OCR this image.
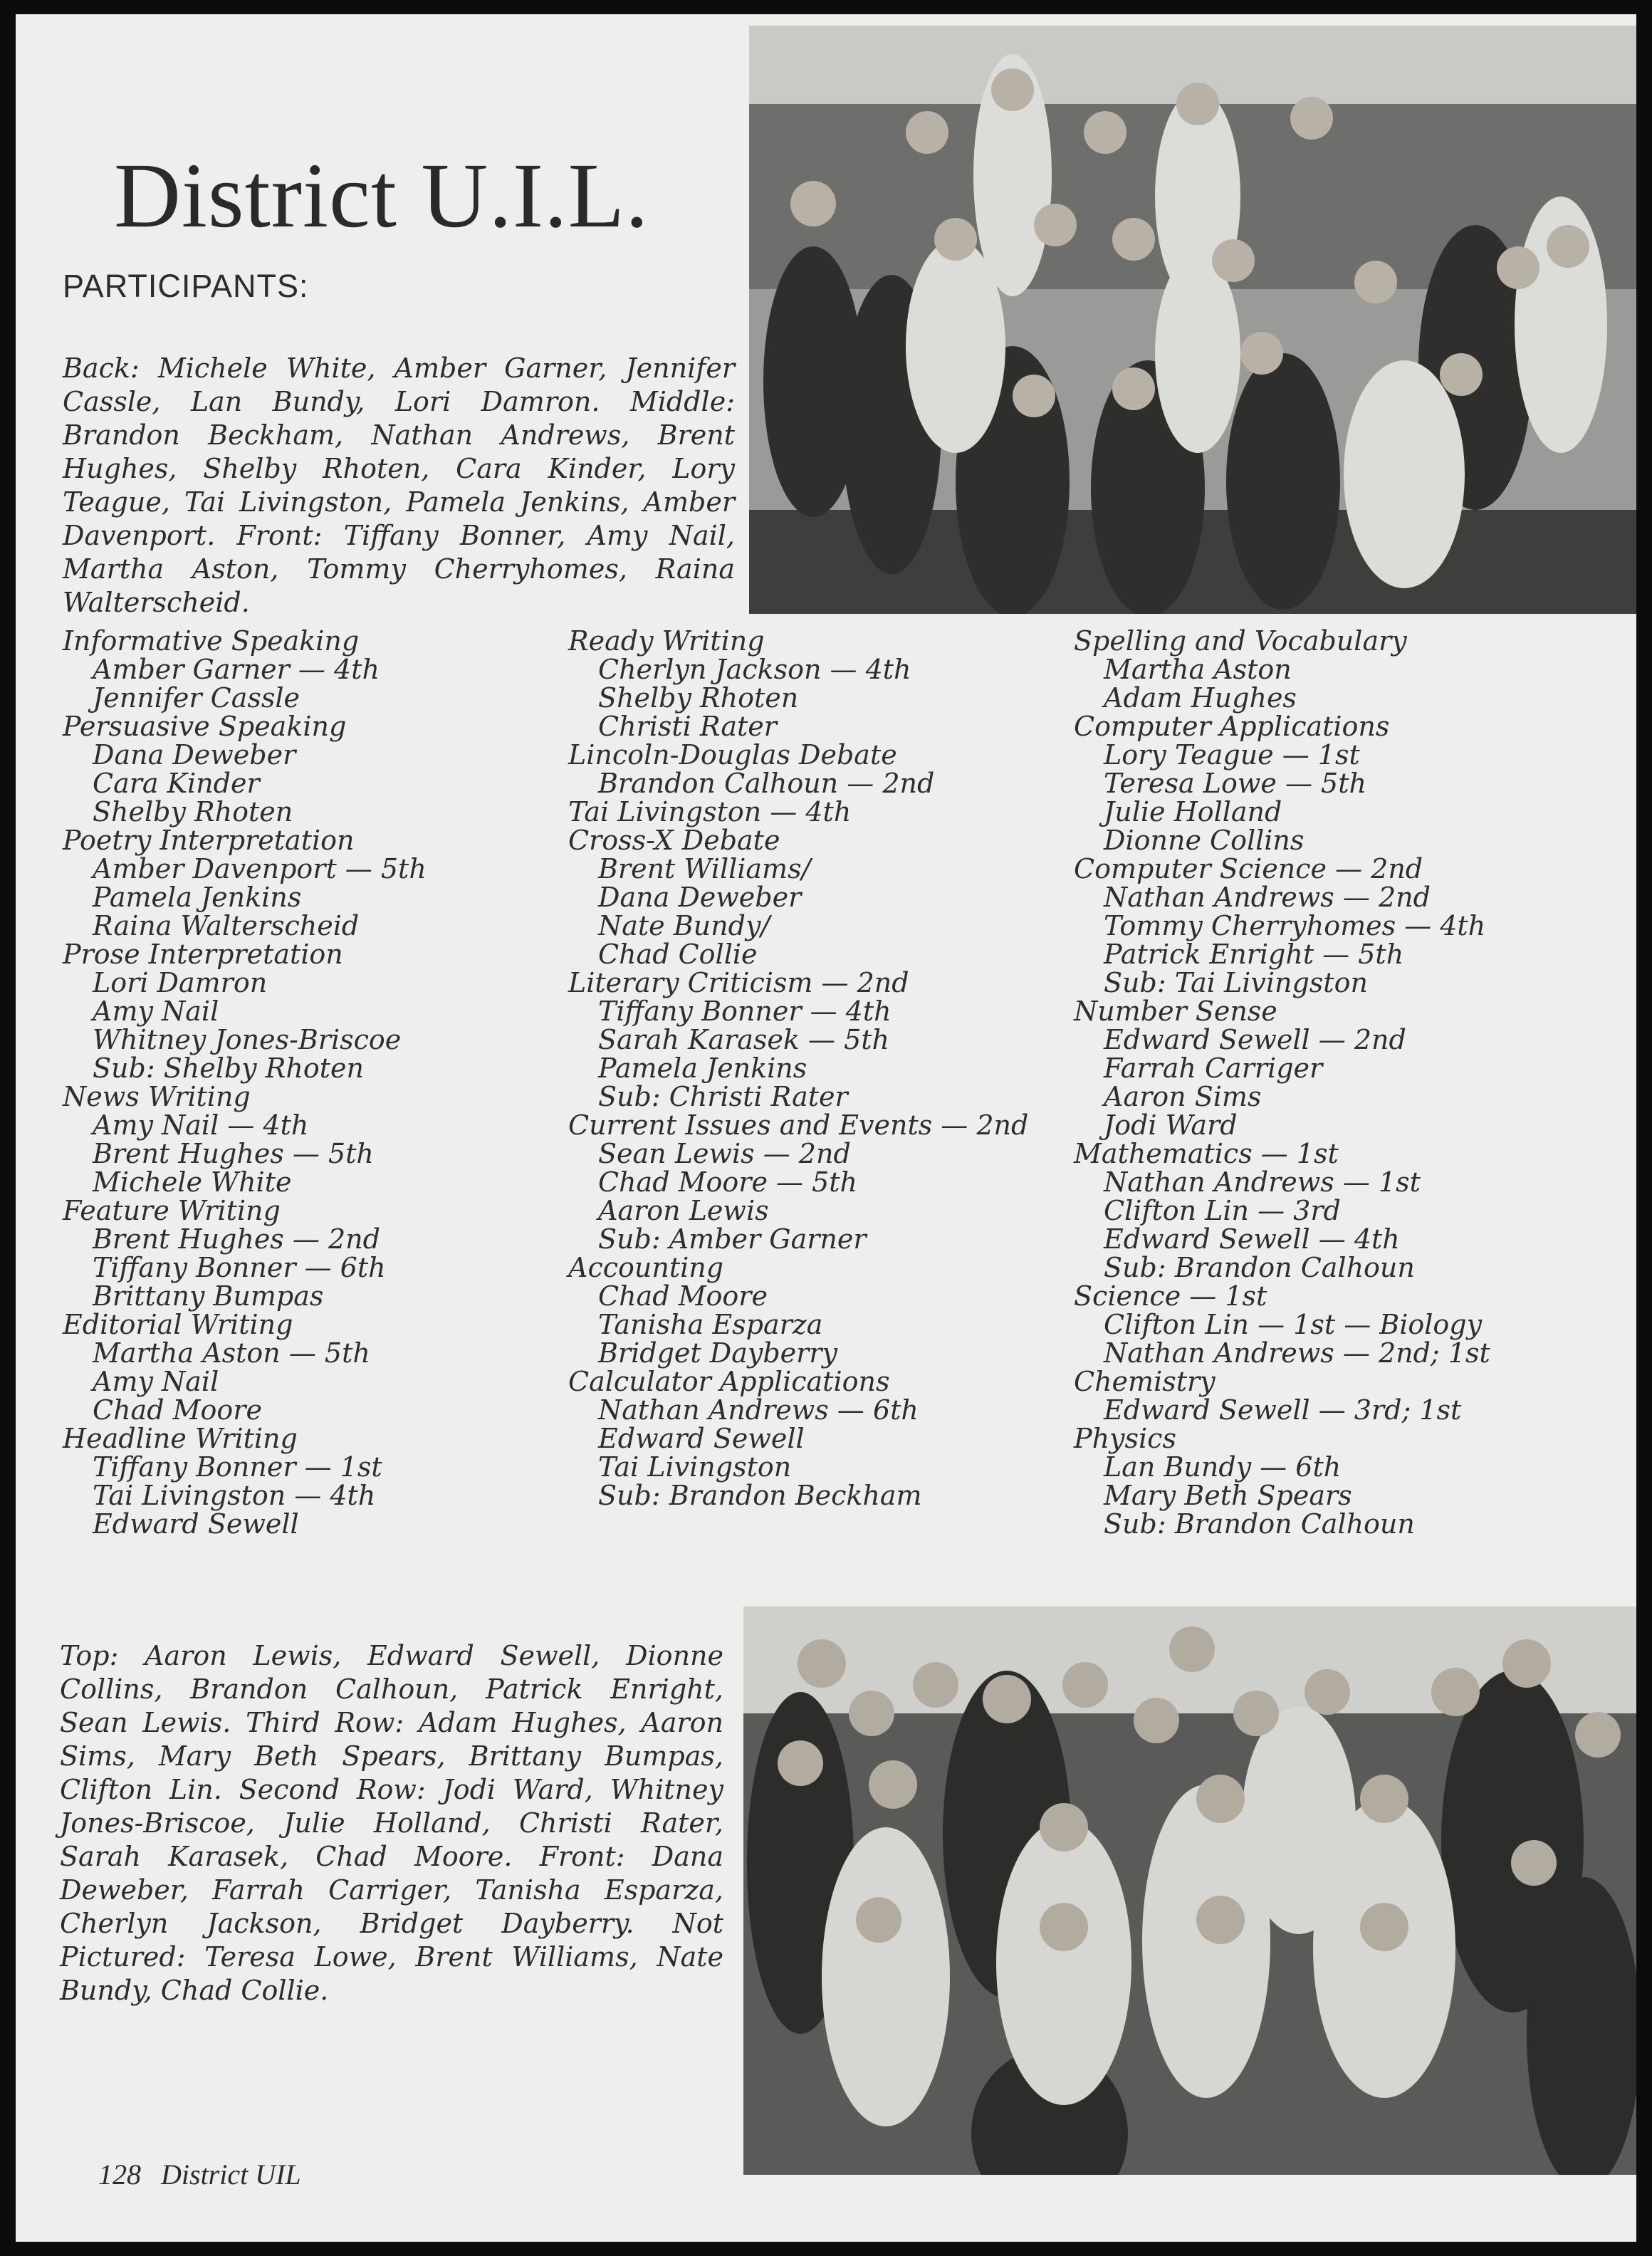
District U.I.L.
PARTICIPANTS:
Back: Michele White, Amber Garner, Jennifer Cassle, Lan Bundy, Lori Damron. Middle: Brandon Beckham, Nathan Andrews, Brent Hughes, Shelby Rhoten, Cara Kinder, Lory Teague, Tai Livingston, Pamela Jenkins, Amber Davenport. Front: Tiffany Bonner, Amy Nail, Martha Aston, Tommy Cherryhomes, Raina Walterscheid.
Informative Speaking
Amber Garner — 4th
Jennifer Cassle
Persuasive Speaking
Dana Deweber
Cara Kinder
Shelby Rhoten
Poetry Interpretation
Amber Davenport — 5th
Pamela Jenkins
Raina Walterscheid
Prose Interpretation
Lori Damron
Amy Nail
Whitney Jones-Briscoe
Sub: Shelby Rhoten
News Writing
Amy Nail — 4th
Brent Hughes — 5th
Michele White
Feature Writing
Brent Hughes — 2nd
Tiffany Bonner — 6th
Brittany Bumpas
Editorial Writing
Martha Aston — 5th
Amy Nail
Chad Moore
Headline Writing
Tiffany Bonner — 1st
Tai Livingston — 4th
Edward Sewell
Ready Writing
Cherlyn Jackson — 4th
Shelby Rhoten
Christi Rater
Lincoln-Douglas Debate
Brandon Calhoun — 2nd
Tai Livingston — 4th
Cross-X Debate
Brent Williams/
Dana Deweber
Nate Bundy/
Chad Collie
Literary Criticism — 2nd
Tiffany Bonner — 4th
Sarah Karasek — 5th
Pamela Jenkins
Sub: Christi Rater
Current Issues and Events — 2nd
Sean Lewis — 2nd
Chad Moore — 5th
Aaron Lewis
Sub: Amber Garner
Accounting
Chad Moore
Tanisha Esparza
Bridget Dayberry
Calculator Applications
Nathan Andrews — 6th
Edward Sewell
Tai Livingston
Sub: Brandon Beckham
Spelling and Vocabulary
Martha Aston
Adam Hughes
Computer Applications
Lory Teague — 1st
Teresa Lowe — 5th
Julie Holland
Dionne Collins
Computer Science — 2nd
Nathan Andrews — 2nd
Tommy Cherryhomes — 4th
Patrick Enright — 5th
Sub: Tai Livingston
Number Sense
Edward Sewell — 2nd
Farrah Carriger
Aaron Sims
Jodi Ward
Mathematics — 1st
Nathan Andrews — 1st
Clifton Lin — 3rd
Edward Sewell — 4th
Sub: Brandon Calhoun
Science — 1st
Clifton Lin — 1st — Biology
Nathan Andrews — 2nd; 1st
Chemistry
Edward Sewell — 3rd; 1st
Physics
Lan Bundy — 6th
Mary Beth Spears
Sub: Brandon Calhoun
Top: Aaron Lewis, Edward Sewell, Dionne Collins, Brandon Calhoun, Patrick Enright, Sean Lewis. Third Row: Adam Hughes, Aaron Sims, Mary Beth Spears, Brittany Bumpas, Clifton Lin. Second Row: Jodi Ward, Whitney Jones-Briscoe, Julie Holland, Christi Rater, Sarah Karasek, Chad Moore. Front: Dana Deweber, Farrah Carriger, Tanisha Esparza, Cherlyn Jackson, Bridget Dayberry. Not Pictured: Teresa Lowe, Brent Williams, Nate Bundy, Chad Collie.
128 District UIL
